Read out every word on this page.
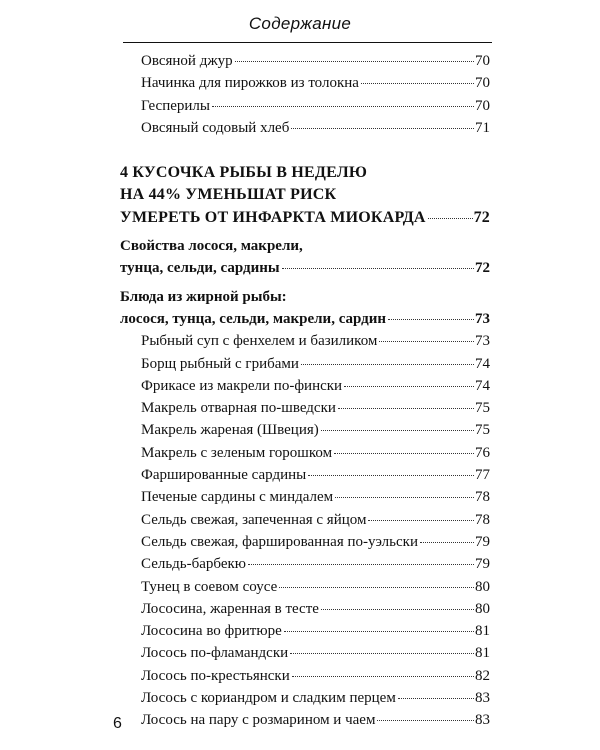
Содержание
Овсяной джур	70
Начинка для пирожков из толокна	70
Гесперилы	70
Овсяный содовый хлеб	71
4 КУСОЧКА РЫБЫ В НЕДЕЛЮ
НА 44% УМЕНЬШАТ РИСК
УМЕРЕТЬ ОТ ИНФАРКТА МИОКАРДА	72
Свойства лосося, макрели,
тунца, сельди, сардины	72
Блюда из жирной рыбы:
лосося, тунца, сельди, макрели, сардин	73
Рыбный суп с фенхелем и базиликом	73
Борщ рыбный с грибами	74
Фрикасе из макрели по-фински	74
Макрель отварная по-шведски	75
Макрель жареная (Швеция)	75
Макрель с зеленым горошком	76
Фаршированные сардины	77
Печеные сардины с миндалем	78
Сельдь свежая, запеченная с яйцом	78
Сельдь свежая, фаршированная по-уэльски	79
Сельдь-барбекю	79
Тунец в соевом соусе	80
Лососина, жаренная в тесте	80
Лососина во фритюре	81
Лосось по-фламандски	81
Лосось по-крестьянски	82
Лосось с кориандром и сладким перцем	83
Лосось на пару с розмарином и чаем	83
6
